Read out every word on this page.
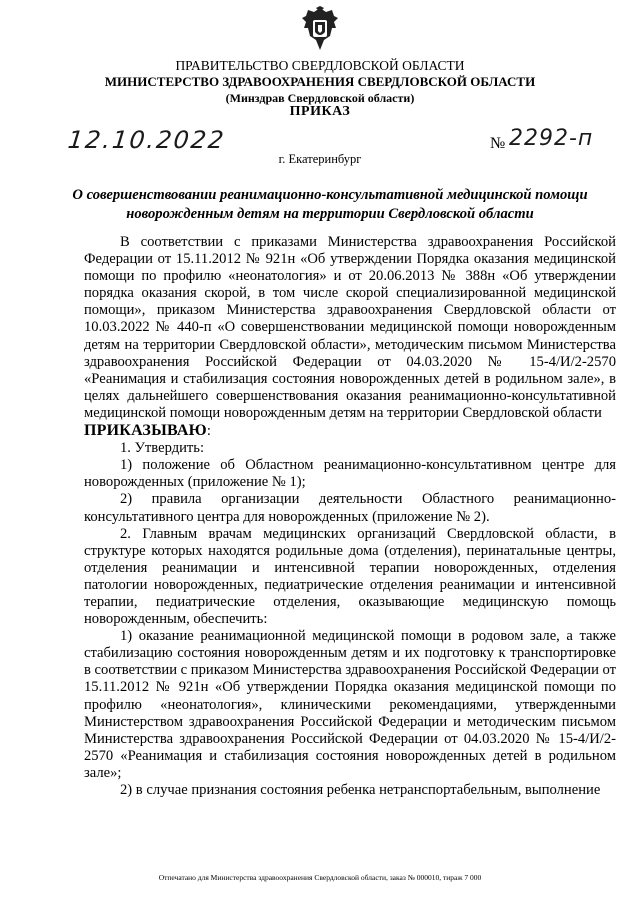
ПРАВИТЕЛЬСТВО СВЕРДЛОВСКОЙ ОБЛАСТИ
МИНИСТЕРСТВО ЗДРАВООХРАНЕНИЯ СВЕРДЛОВСКОЙ ОБЛАСТИ
(Минздрав Свердловской области)
ПРИКАЗ
12.10.2022	№ 2292-п
г. Екатеринбург
О совершенствовании реанимационно-консультативной медицинской помощи новорожденным детям на территории Свердловской области

В соответствии с приказами Министерства здравоохранения Российской Федерации от 15.11.2012 № 921н «Об утверждении Порядка оказания медицинской помощи по профилю «неонатология» и от 20.06.2013 № 388н «Об утверждении порядка оказания скорой, в том числе скорой специализированной медицинской помощи», приказом Министерства здравоохранения Свердловской области от 10.03.2022 № 440-п «О совершенствовании медицинской помощи новорожденным детям на территории Свердловской области», методическим письмом Министерства здравоохранения Российской Федерации от 04.03.2020 № 15-4/И/2-2570 «Реанимация и стабилизация состояния новорожденных детей в родильном зале», в целях дальнейшего совершенствования оказания реанимационно-консультативной медицинской помощи новорожденным детям на территории Свердловской области

ПРИКАЗЫВАЮ:

1. Утвердить:

1) положение об Областном реанимационно-консультативном центре для новорожденных (приложение № 1);

2) правила организации деятельности Областного реанимационно-консультативного центра для новорожденных (приложение № 2).

2. Главным врачам медицинских организаций Свердловской области, в структуре которых находятся родильные дома (отделения), перинатальные центры, отделения реанимации и интенсивной терапии новорожденных, отделения патологии новорожденных, педиатрические отделения реанимации и интенсивной терапии, педиатрические отделения, оказывающие медицинскую помощь новорожденным, обеспечить:

1) оказание реанимационной медицинской помощи в родовом зале, а также стабилизацию состояния новорожденным детям и их подготовку к транспортировке в соответствии с приказом Министерства здравоохранения Российской Федерации от 15.11.2012 № 921н «Об утверждении Порядка оказания медицинской помощи по профилю «неонатология», клиническими рекомендациями, утвержденными Министерством здравоохранения Российской Федерации и методическим письмом Министерства здравоохранения Российской Федерации от 04.03.2020 № 15-4/И/2-2570 «Реанимация и стабилизация состояния новорожденных детей в родильном зале»;

2) в случае признания состояния ребенка нетранспортабельным, выполнение

Отпечатано для Министерства здравоохранения Свердловской области, заказ № 000010, тираж 7 000
